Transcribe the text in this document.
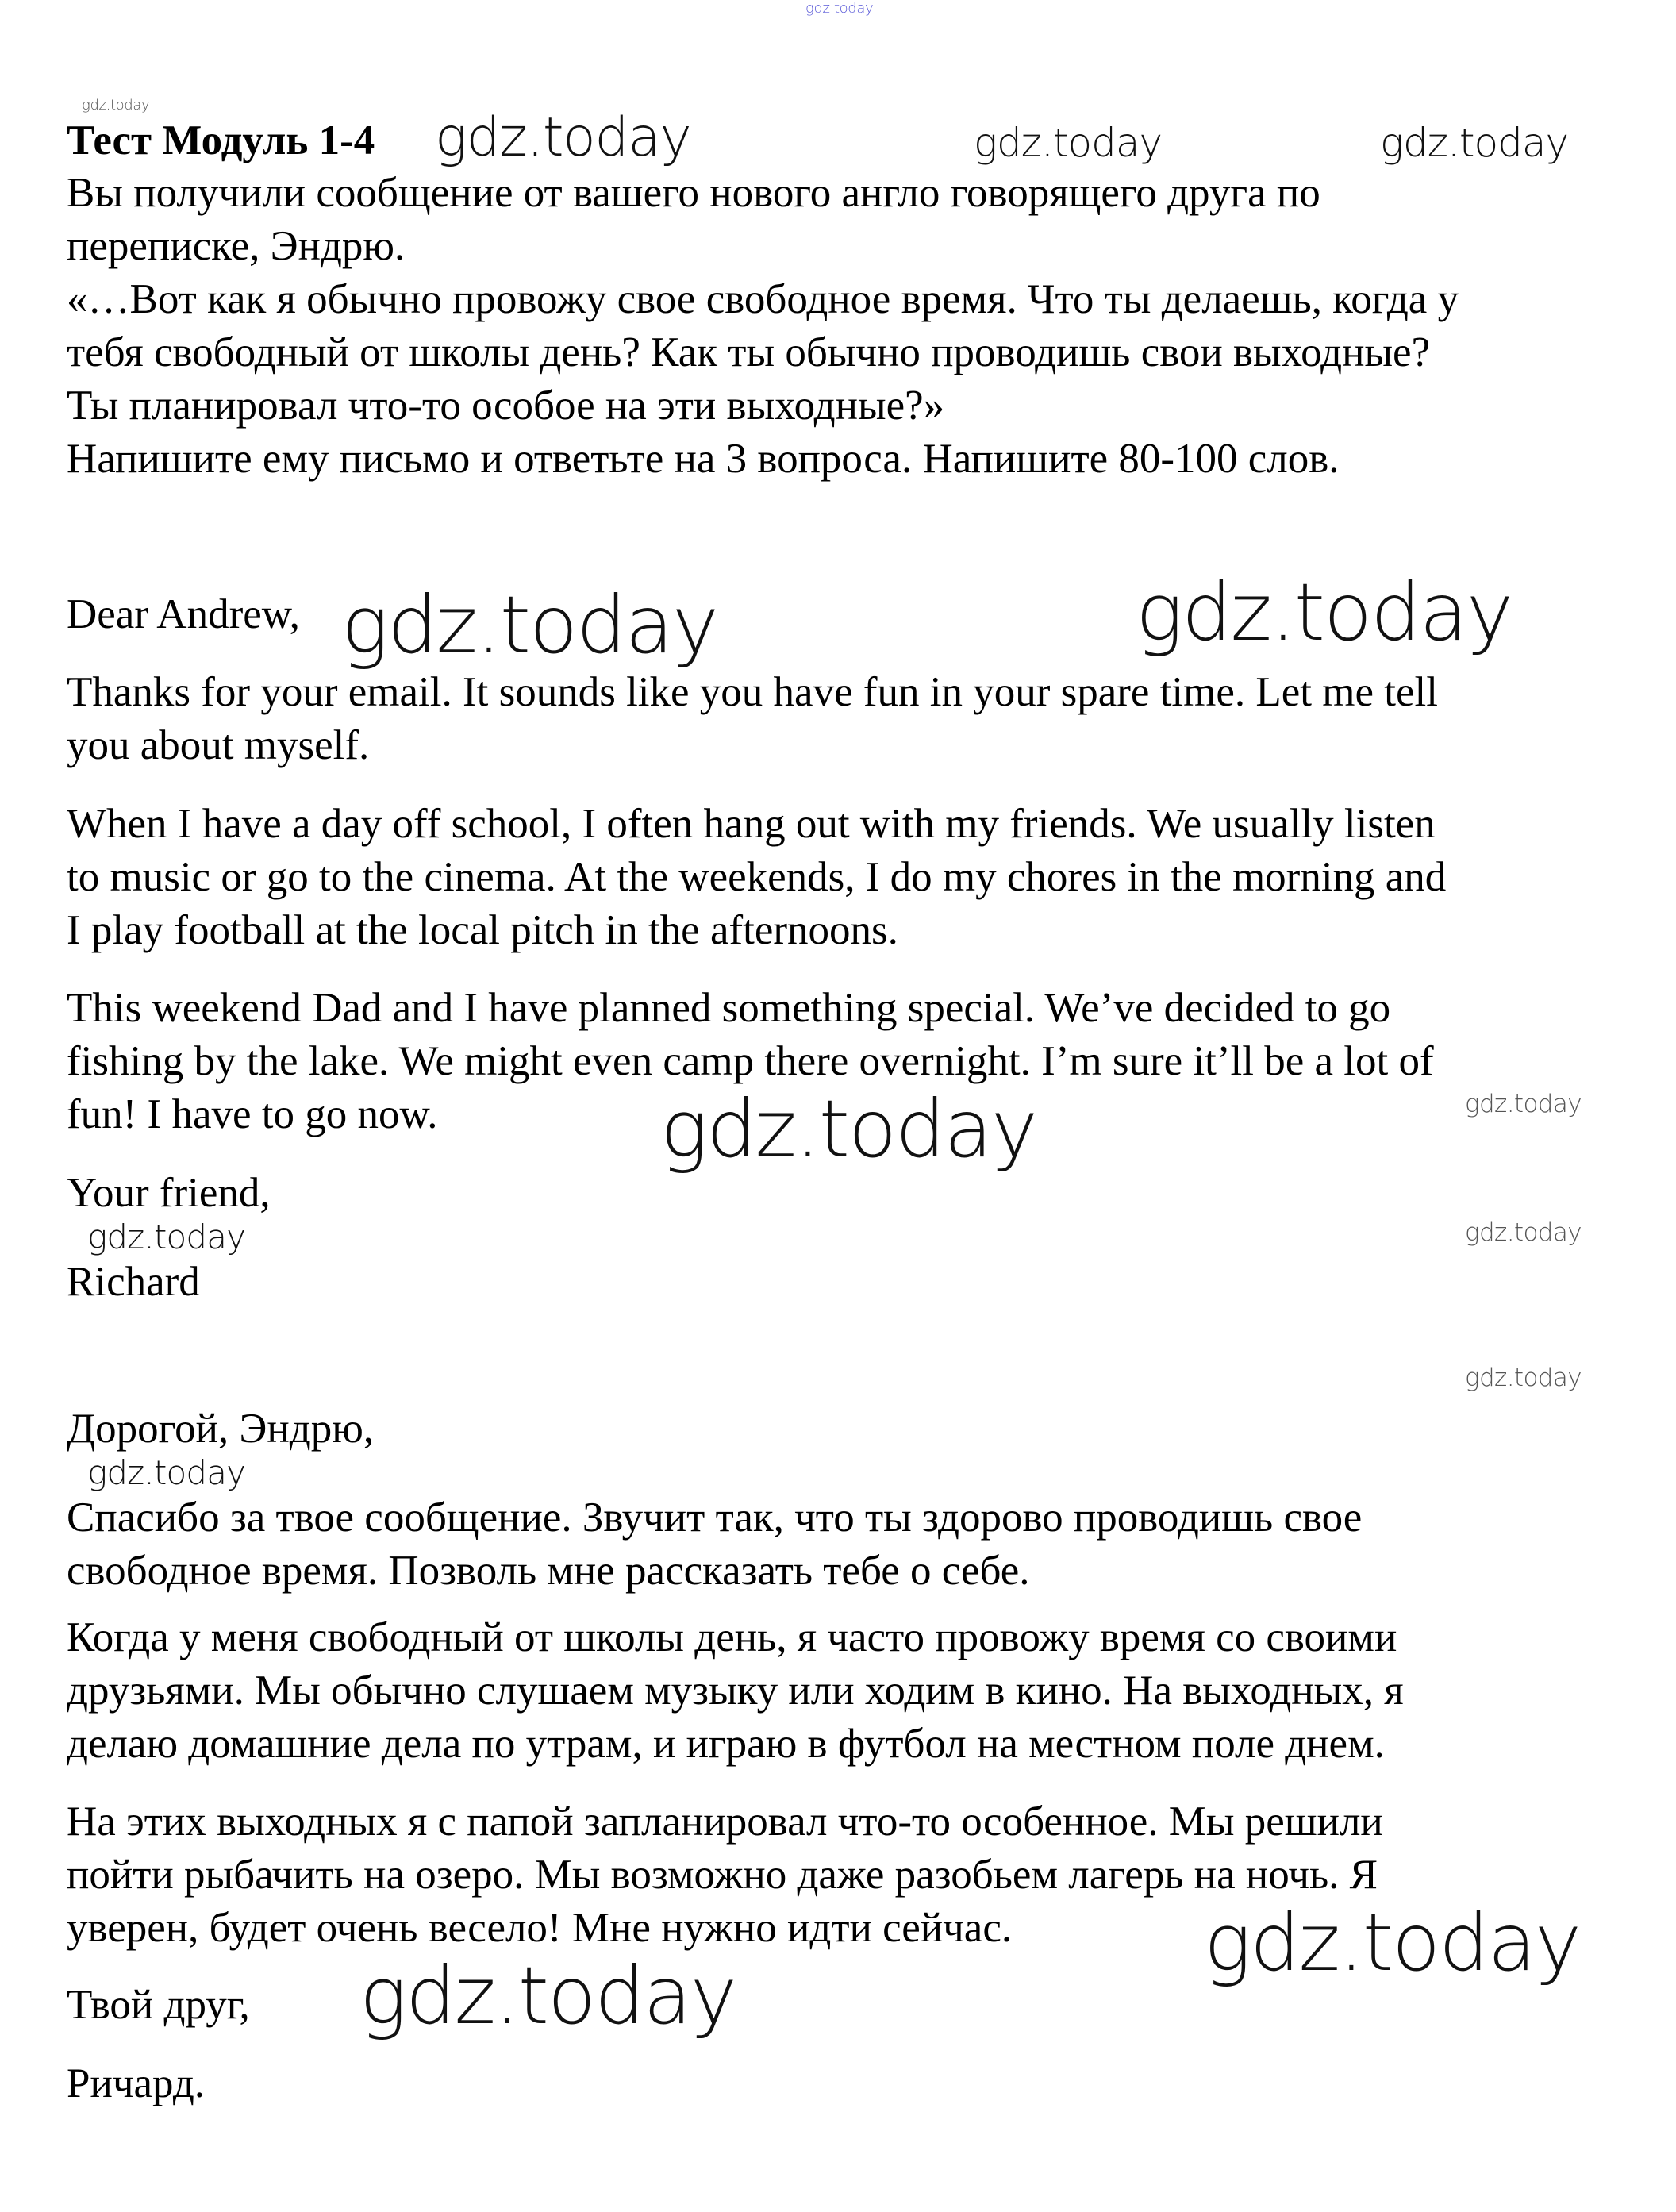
gdz.today
gdz.today	gdz.today	gdz.today
gdz.today
gdz.today	gdz.today
gdz.today
gdz.today
gdz.today	gdz.today
gdz.today
gdz.today
gdz.today
gdz.today
Тест Модуль 1-4
Вы получили сообщение от вашего нового англо говорящего друга по
переписке, Эндрю.
«…Вот как я обычно провожу свое свободное время. Что ты делаешь, когда у
тебя свободный от школы день? Как ты обычно проводишь свои выходные?
Ты планировал что-то особое на эти выходные?»
Напишите ему письмо и ответьте на 3 вопроса. Напишите 80-100 слов.
Dear Andrew,
Thanks for your email. It sounds like you have fun in your spare time. Let me tell
you about myself.
When I have a day off school, I often hang out with my friends. We usually listen
to music or go to the cinema. At the weekends, I do my chores in the morning and
I play football at the local pitch in the afternoons.
This weekend Dad and I have planned something special. We’ve decided to go
fishing by the lake. We might even camp there overnight. I’m sure it’ll be a lot of
fun! I have to go now.
Your friend,
Richard
Дорогой, Эндрю,
Спасибо за твое сообщение. Звучит так, что ты здорово проводишь свое
свободное время. Позволь мне рассказать тебе о себе.
Когда у меня свободный от школы день, я часто провожу время со своими
друзьями. Мы обычно слушаем музыку или ходим в кино. На выходных, я
делаю домашние дела по утрам, и играю в футбол на местном поле днем.
На этих выходных я с папой запланировал что-то особенное. Мы решили
пойти рыбачить на озеро. Мы возможно даже разобьем лагерь на ночь. Я
уверен, будет очень весело! Мне нужно идти сейчас.
Твой друг,
Ричард.
